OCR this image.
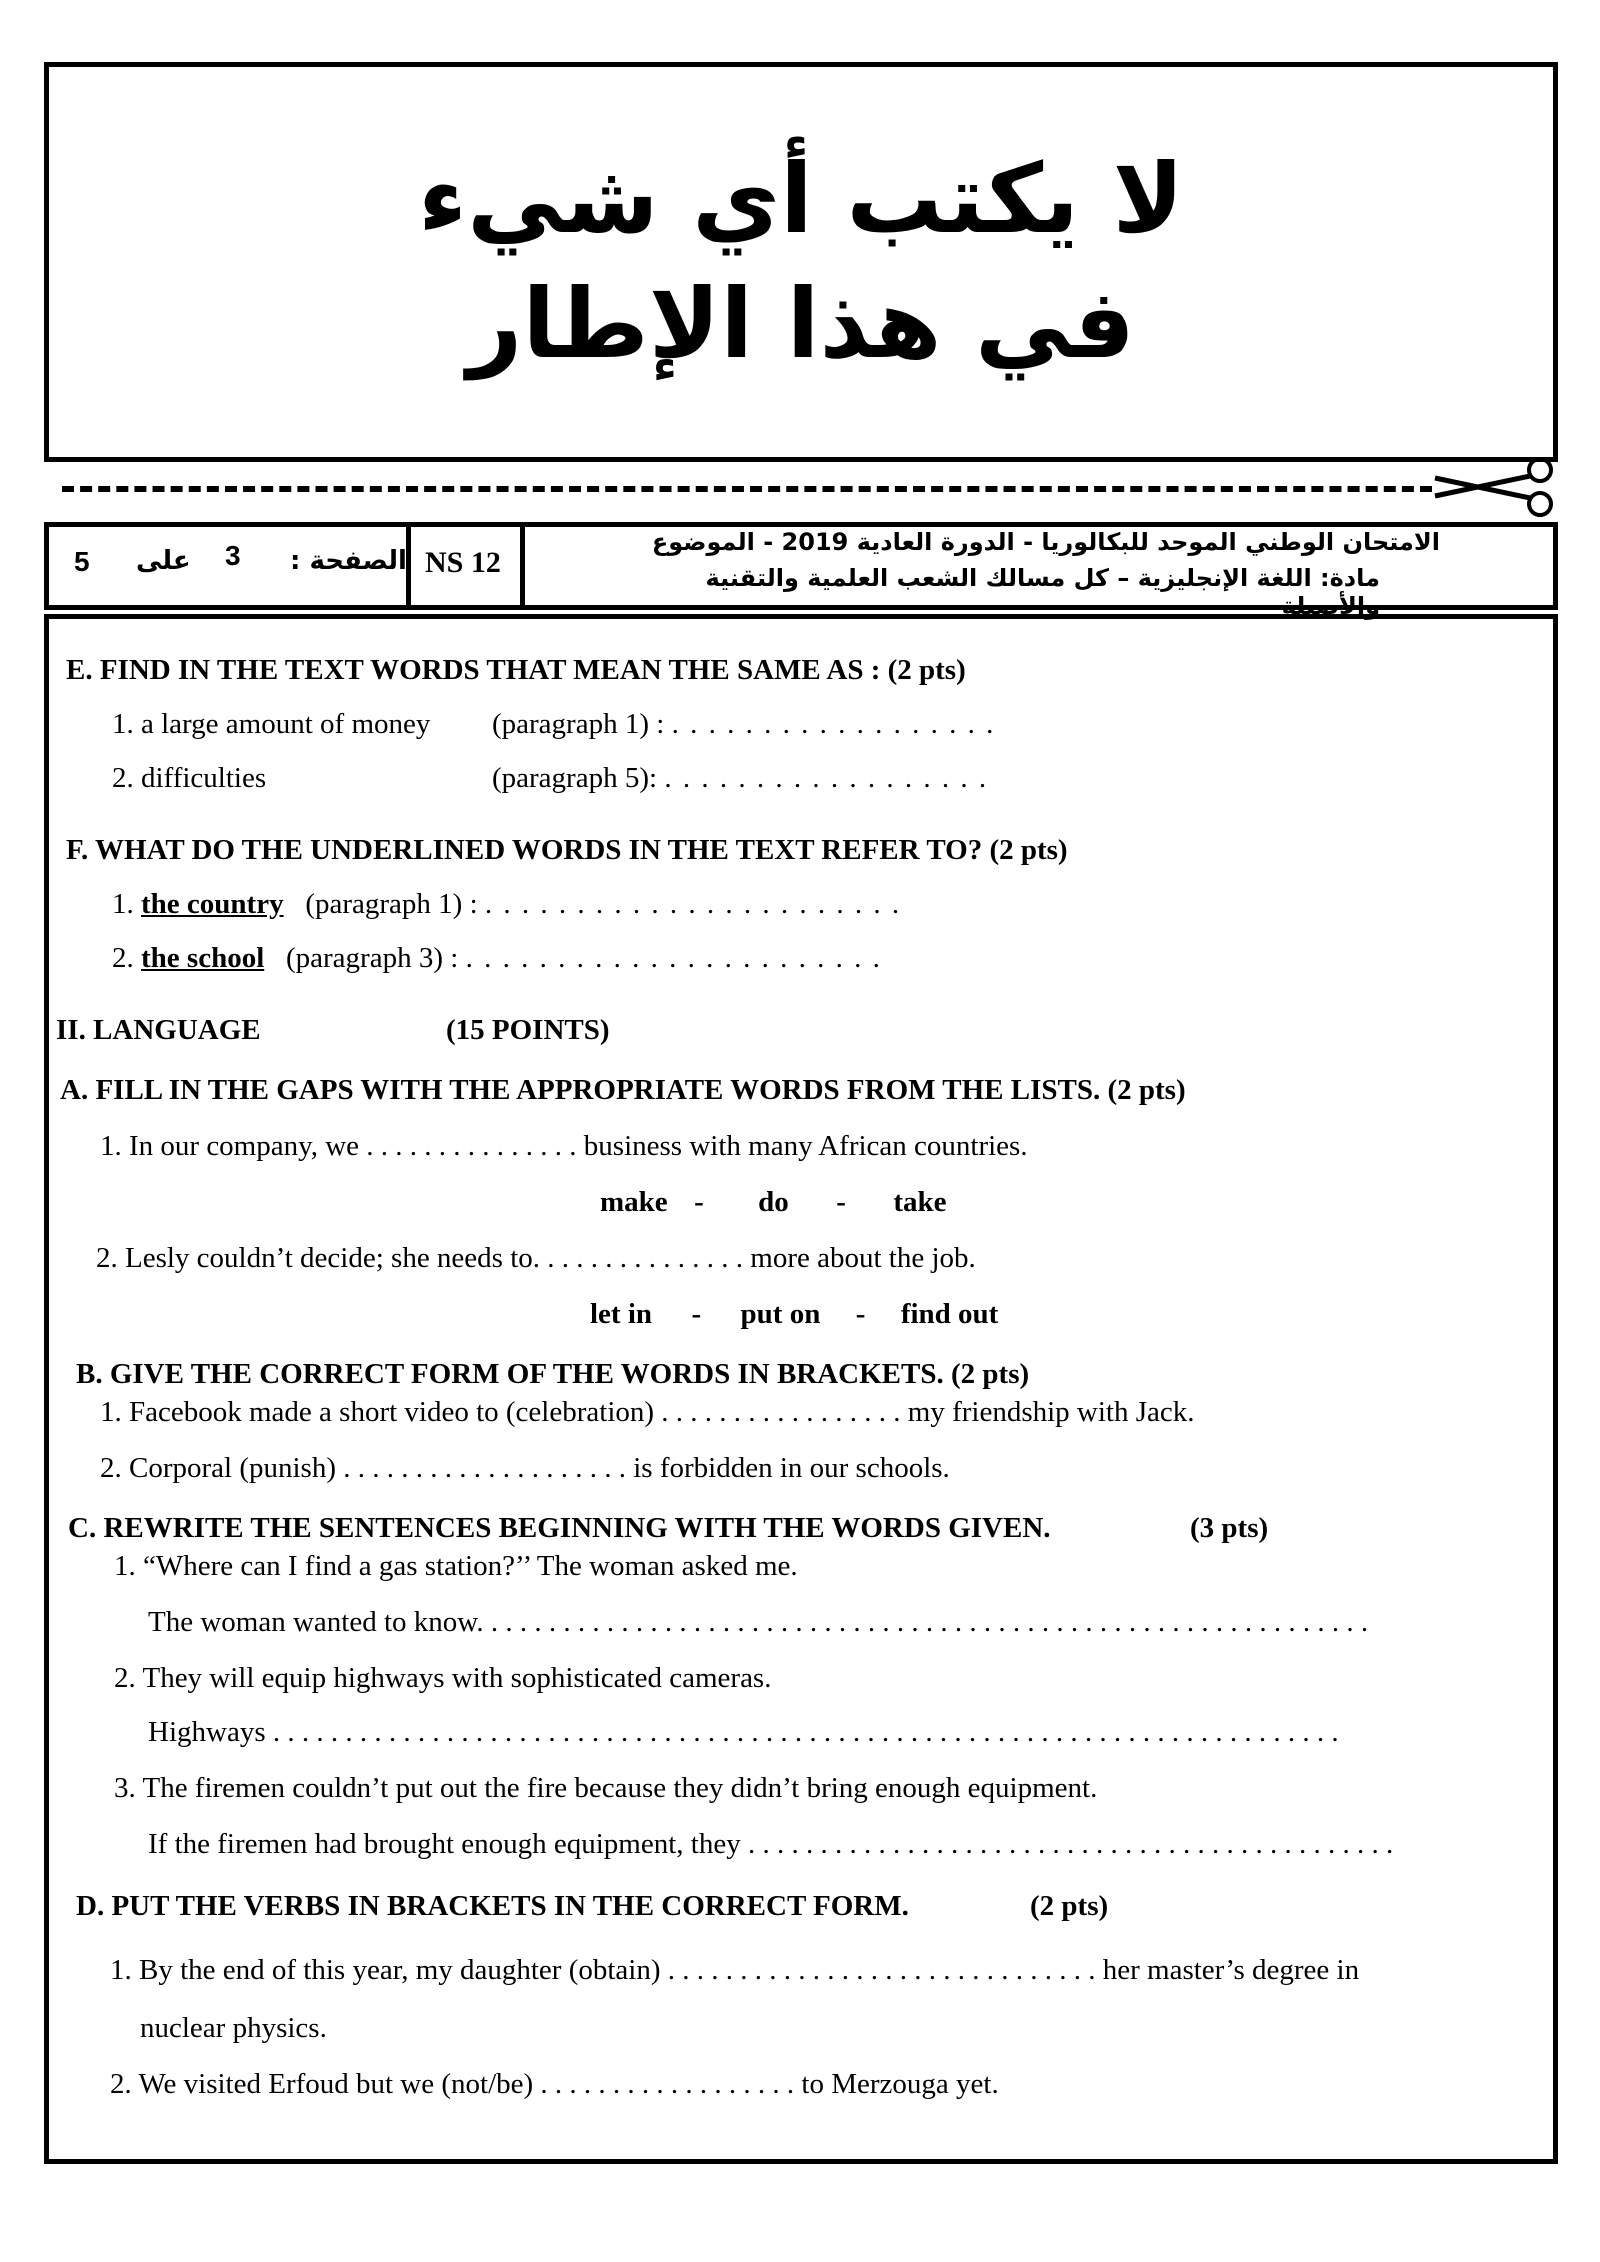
لا يكتب أي شيء
في هذا الإطار
5 على 3 الصفحة : NS 12
الامتحان الوطني الموحد للبكالوريا - الدورة العادية 2019 - الموضوع
مادة: اللغة الإنجليزية – كل مسالك الشعب العلمية والتقنية والأصيلة
E. FIND IN THE TEXT WORDS THAT MEAN THE SAME AS : (2 pts)
1. a large amount of money (paragraph 1) : . . . . . . . . . . . . . . . . . .
2. difficulties	(paragraph 5): . . . . . . . . . . . . . . . . . .
F. WHAT DO THE UNDERLINED WORDS IN THE TEXT REFER TO? (2 pts)
1. the country (paragraph 1) : . . . . . . . . . . . . . . . . . . . . . . .
2. the school (paragraph 3) : . . . . . . . . . . . . . . . . . . . . . . .
II. LANGUAGE	(15 POINTS)
A. FILL IN THE GAPS WITH THE APPROPRIATE WORDS FROM THE LISTS. (2 pts)
1. In our company, we . . . . . . . . . . . . . . . business with many African countries.
make - do - take
2. Lesly couldn’t decide; she needs to. . . . . . . . . . . . . . . more about the job.
let in - put on - find out
B. GIVE THE CORRECT FORM OF THE WORDS IN BRACKETS. (2 pts)
1. Facebook made a short video to (celebration) . . . . . . . . . . . . . . . . . my friendship with Jack.
2. Corporal (punish) . . . . . . . . . . . . . . . . . . . . is forbidden in our schools.
C. REWRITE THE SENTENCES BEGINNING WITH THE WORDS GIVEN.	(3 pts)
1. “Where can I find a gas station?’’ The woman asked me.
The woman wanted to know. . . . . . . . . . . . . . . . . . . . . . . . . . . . . . . . . . . . . . . . . . . . . . . . . . . . . . . . . . . . . .
2. They will equip highways with sophisticated cameras.
Highways . . . . . . . . . . . . . . . . . . . . . . . . . . . . . . . . . . . . . . . . . . . . . . . . . . . . . . . . . . . . . . . . . . . . . . . . . .
3. The firemen couldn’t put out the fire because they didn’t bring enough equipment.
If the firemen had brought enough equipment, they . . . . . . . . . . . . . . . . . . . . . . . . . . . . . . . . . . . . . . . . . . . . .
D. PUT THE VERBS IN BRACKETS IN THE CORRECT FORM.	(2 pts)
1. By the end of this year, my daughter (obtain) . . . . . . . . . . . . . . . . . . . . . . . . . . . . . . her master’s degree in
nuclear physics.
2. We visited Erfoud but we (not/be) . . . . . . . . . . . . . . . . . . to Merzouga yet.
